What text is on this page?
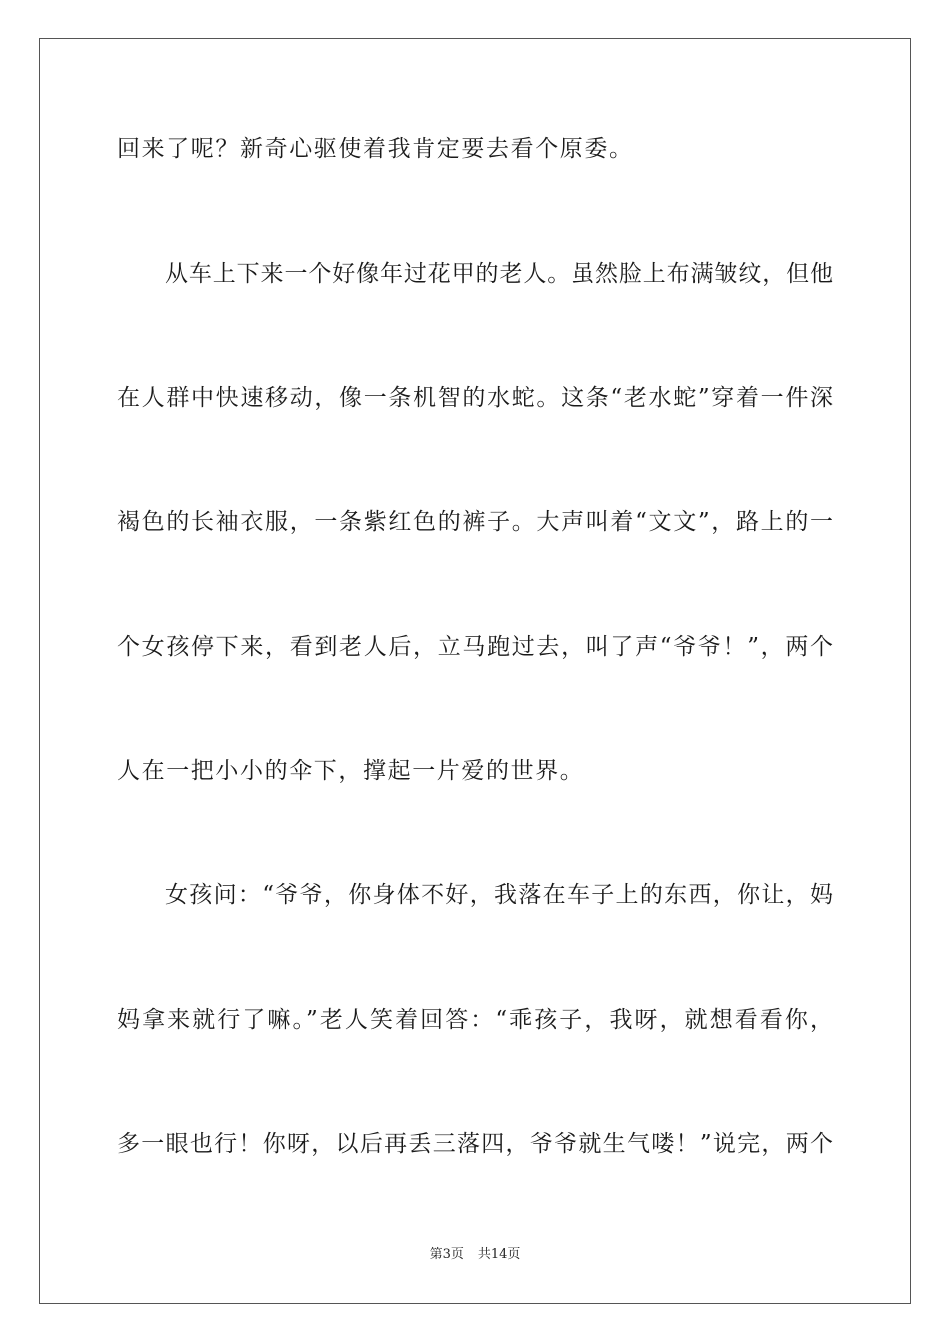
回来了呢？新奇心驱使着我肯定要去看个原委。
从车上下来一个好像年过花甲的老人。虽然脸上布满皱纹，但他
在人群中快速移动，像一条机智的水蛇。这条“老水蛇”穿着一件深
褐色的长袖衣服，一条紫红色的裤子。大声叫着“文文”，路上的一
个女孩停下来，看到老人后，立马跑过去，叫了声“爷爷！”，两个
人在一把小小的伞下，撑起一片爱的世界。
女孩问：“爷爷，你身体不好，我落在车子上的东西，你让，妈
妈拿来就行了嘛。”老人笑着回答：“乖孩子，我呀，就想看看你，
多一眼也行！你呀，以后再丢三落四，爷爷就生气喽！”说完，两个
第3页 共14页
